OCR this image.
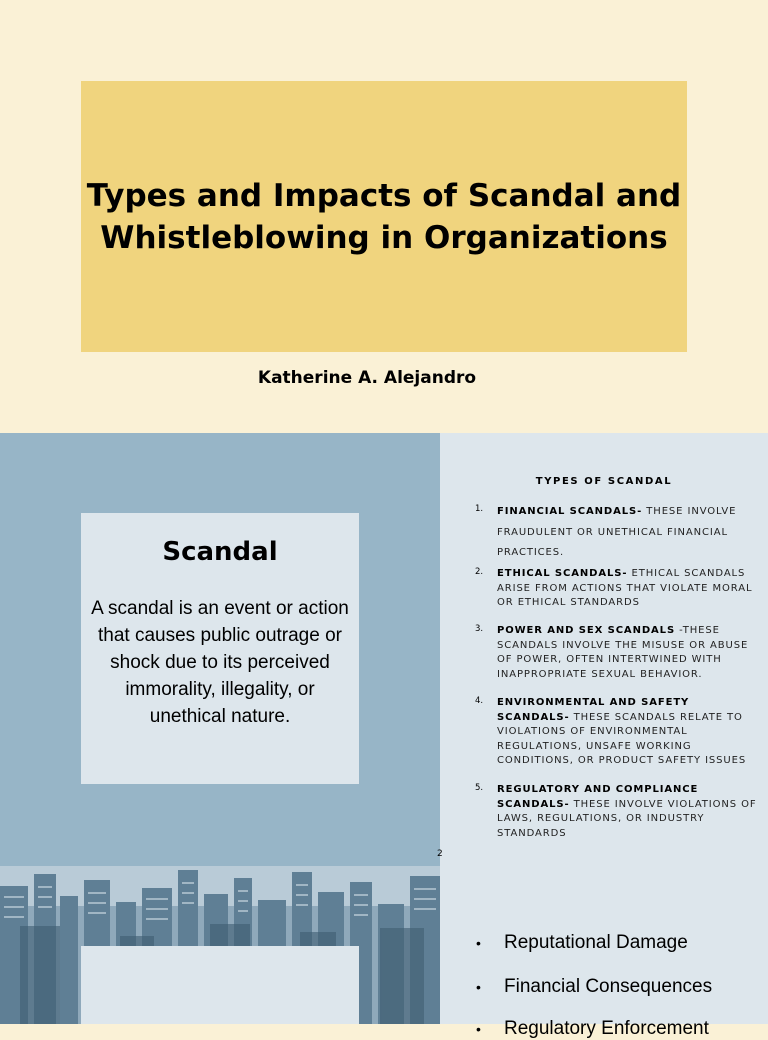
Types and Impacts of Scandal and Whistleblowing in Organizations
Katherine A. Alejandro
Scandal
A scandal is an event or action that causes public outrage or shock due to its perceived immorality, illegality, or unethical nature.
TYPES OF SCANDAL
1. FINANCIAL SCANDALS- THESE INVOLVE FRAUDULENT OR UNETHICAL FINANCIAL PRACTICES.
2. ETHICAL SCANDALS- ETHICAL SCANDALS ARISE FROM ACTIONS THAT VIOLATE MORAL OR ETHICAL STANDARDS
3. POWER AND SEX SCANDALS -THESE SCANDALS INVOLVE THE MISUSE OR ABUSE OF POWER, OFTEN INTERTWINED WITH INAPPROPRIATE SEXUAL BEHAVIOR.
4. ENVIRONMENTAL AND SAFETY SCANDALS- THESE SCANDALS RELATE TO VIOLATIONS OF ENVIRONMENTAL REGULATIONS, UNSAFE WORKING CONDITIONS, OR PRODUCT SAFETY ISSUES
5. REGULATORY AND COMPLIANCE SCANDALS- THESE INVOLVE VIOLATIONS OF LAWS, REGULATIONS, OR INDUSTRY STANDARDS
2
• Reputational Damage
• Financial Consequences
• Regulatory Enforcement
